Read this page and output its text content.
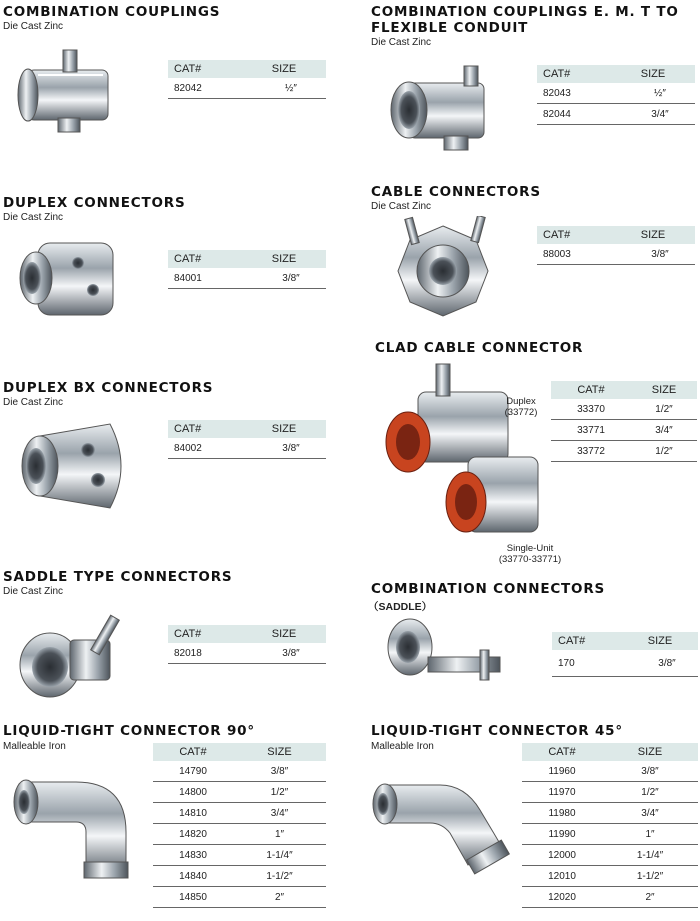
COMBINATION COUPLINGS
Die Cast Zinc
CAT#	SIZE
82042	½″
COMBINATION COUPLINGS E. M. T TO
FLEXIBLE CONDUIT
Die Cast Zinc
CAT#	SIZE
82043	½″
82044	3/4″
DUPLEX CONNECTORS
Die Cast Zinc
CAT#	SIZE
84001	3/8″
CABLE CONNECTORS
Die Cast Zinc
CAT#	SIZE
88003	3/8″
CLAD CABLE CONNECTOR
Duplex
(33772)
Single-Unit
(33770-33771)
CAT#	SIZE
33370	1/2″
33771	3/4″
33772	1/2″
DUPLEX BX CONNECTORS
Die Cast Zinc
CAT#	SIZE
84002	3/8″
SADDLE TYPE CONNECTORS
Die Cast Zinc
CAT#	SIZE
82018	3/8″
COMBINATION CONNECTORS
（SADDLE）
CAT#	SIZE
170	3/8″
LIQUID-TIGHT CONNECTOR 90°
Malleable Iron	CAT#	SIZE
14790	3/8″
14800	1/2″
14810	3/4″
14820	1″
14830	1-1/4″
14840	1-1/2″
14850	2″
LIQUID-TIGHT CONNECTOR 45°
Malleable Iron	CAT#	SIZE
11960	3/8″
11970	1/2″
11980	3/4″
11990	1″
12000	1-1/4″
12010	1-1/2″
12020	2″
